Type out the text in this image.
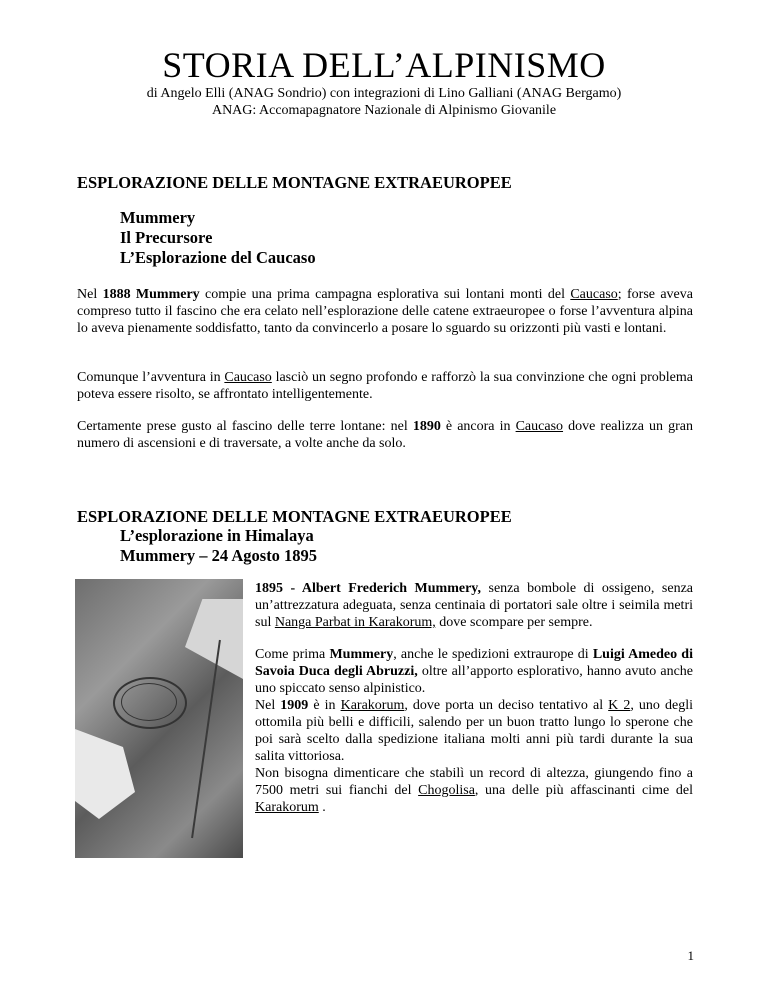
STORIA DELL’ALPINISMO
di Angelo Elli (ANAG Sondrio) con integrazioni di Lino Galliani (ANAG Bergamo)
ANAG: Accomapagnatore Nazionale di Alpinismo Giovanile
ESPLORAZIONE DELLE MONTAGNE EXTRAEUROPEE
Mummery
Il Precursore
L’Esplorazione del Caucaso

Nel 1888 Mummery compie una prima campagna esplorativa sui lontani monti del Caucaso; forse aveva compreso tutto il fascino che era celato nell’esplorazione delle catene extraeuropee o forse l’avventura alpina lo aveva pienamente soddisfatto, tanto da convincerlo a posare lo sguardo su orizzonti più vasti e lontani.

Comunque l’avventura in Caucaso lasciò un segno profondo e rafforzò la sua convinzione che ogni problema poteva essere risolto, se affrontato intelligentemente.

Certamente prese gusto al fascino delle terre lontane: nel 1890 è ancora in Caucaso dove realizza un gran numero di ascensioni e di traversate, a volte anche da solo.

ESPLORAZIONE DELLE MONTAGNE EXTRAEUROPEE
L’esplorazione in Himalaya
Mummery – 24 Agosto 1895

1895 - Albert Frederich Mummery, senza bombole di ossigeno, senza un’attrezzatura adeguata, senza centinaia di portatori sale oltre i seimila metri sul Nanga Parbat in Karakorum, dove scompare per sempre.

Come prima Mummery, anche le spedizioni extraurope di Luigi Amedeo di Savoia Duca degli Abruzzi, oltre all’apporto esplorativo, hanno avuto anche uno spiccato senso alpinistico.

Nel 1909 è in Karakorum, dove porta un deciso tentativo al K 2, uno degli ottomila più belli e difficili, salendo per un buon tratto lungo lo sperone che poi sarà scelto dalla spedizione italiana molti anni più tardi durante la sua salita vittoriosa.

Non bisogna dimenticare che stabilì un record di altezza, giungendo fino a 7500 metri sui fianchi del Chogolisa, una delle più affascinanti cime del Karakorum .

1
